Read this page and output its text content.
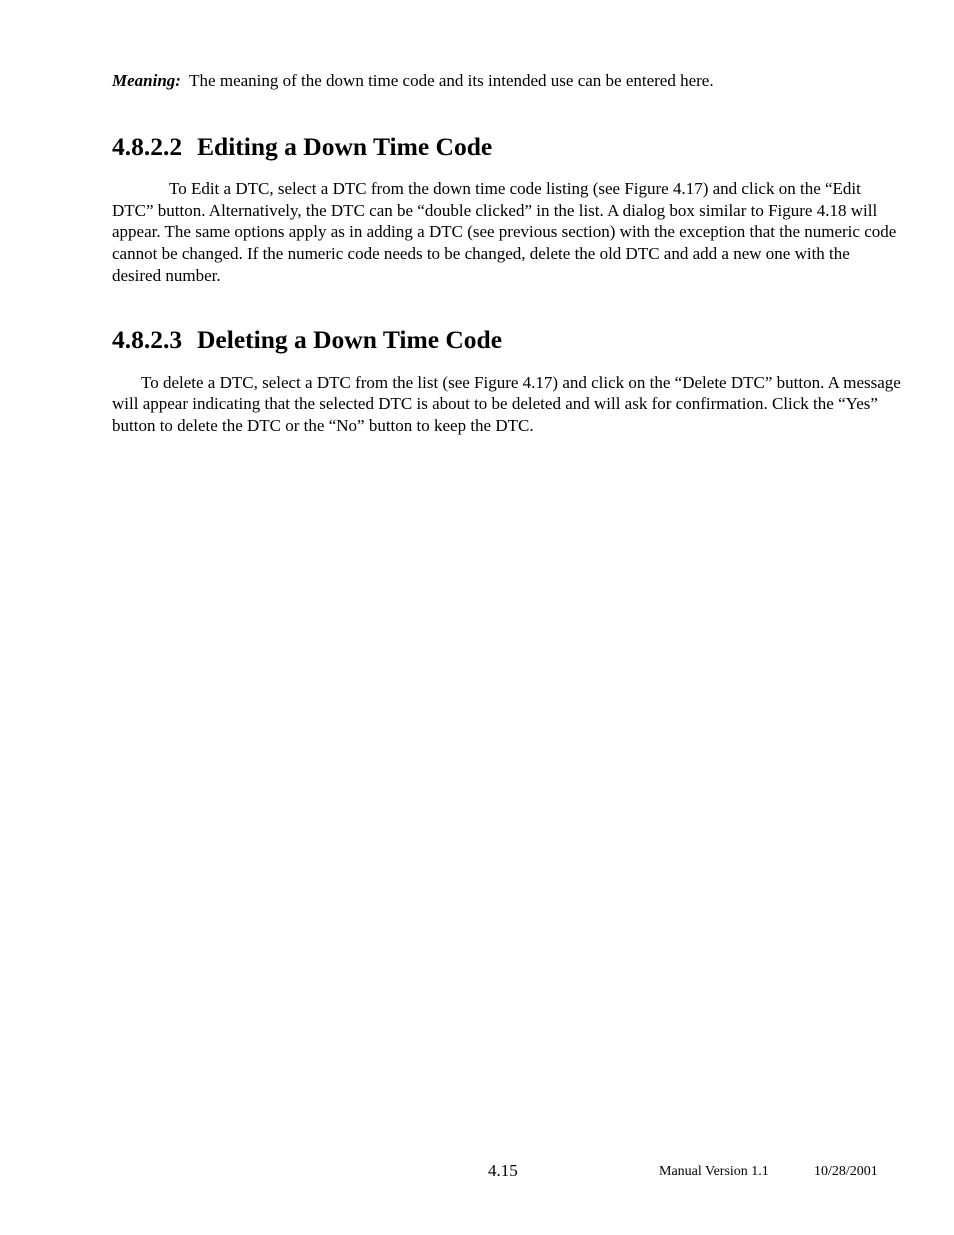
Meaning:  The meaning of the down time code and its intended use can be entered here.

4.8.2.2 Editing a Down Time Code

To Edit a DTC, select a DTC from the down time code listing (see Figure 4.17) and click on the “Edit DTC” button. Alternatively, the DTC can be “double clicked” in the list. A dialog box similar to Figure 4.18 will appear. The same options apply as in adding a DTC (see previous section) with the exception that the numeric code cannot be changed. If the numeric code needs to be changed, delete the old DTC and add a new one with the desired number.

4.8.2.3 Deleting a Down Time Code

To delete a DTC, select a DTC from the list (see Figure 4.17) and click on the “Delete DTC” button. A message will appear indicating that the selected DTC is about to be deleted and will ask for confirmation. Click the “Yes” button to delete the DTC or the “No” button to keep the DTC.

4.15	Manual Version 1.1	10/28/2001
